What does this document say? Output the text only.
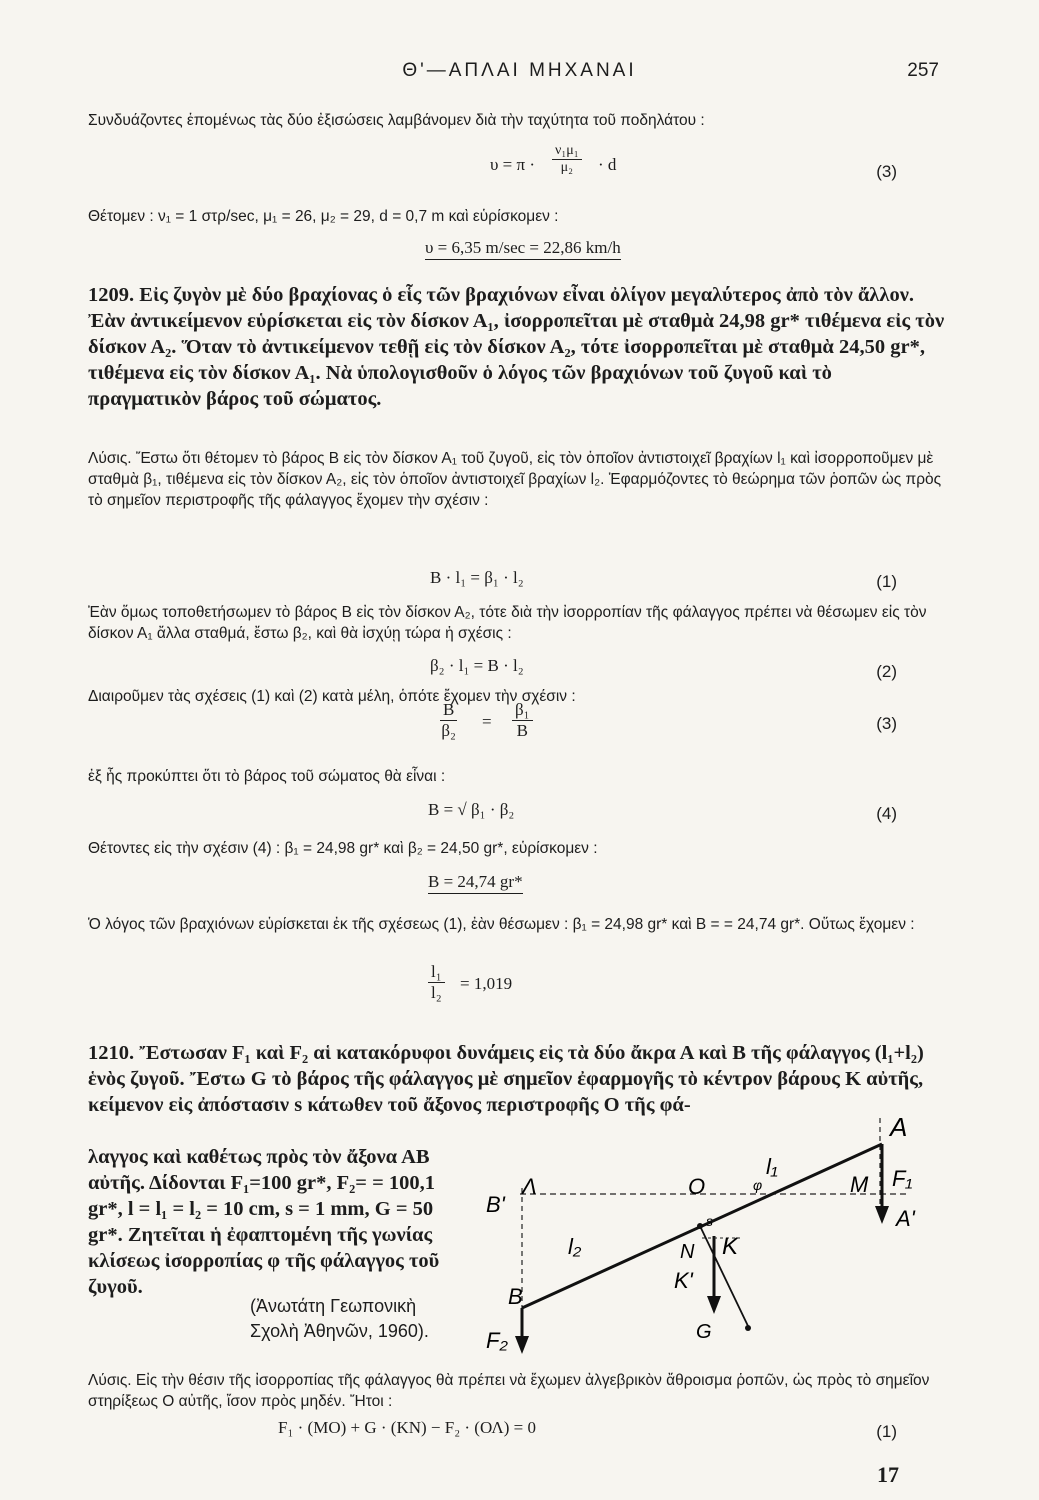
Θ'—ΑΠΛΑΙ ΜΗΧΑΝΑΙ	257
Συνδυάζοντες ἑπομένως τὰς δύο ἐξισώσεις λαμβάνομεν διὰ τὴν ταχύτητα τοῦ ποδηλάτου :
$\upsilon = \pi \cdot \frac{\text{ν₁μ₁}}{\text{μ₂}} \cdot d$	(3)
Θέτομεν : ν₁ = 1 στρ/sec, μ₁ = 26, μ₂ = 29, d = 0,7 m καὶ εὑρίσκομεν :
υ = 6,35 m/sec = 22,86 km/h
1209. Εἰς ζυγὸν μὲ δύο βραχίονας ὁ εἷς τῶν βραχιόνων εἶναι ὀλίγον μεγαλύτερος ἀπὸ τὸν ἄλλον. Ἐὰν ἀντικείμενον εὑρίσκεται εἰς τὸν δίσκον Α₁, ἰσορροπεῖται μὲ σταθμὰ 24,98 gr* τιθέμενα εἰς τὸν δίσκον Α₂. Ὅταν τὸ ἀντικείμενον τεθῇ εἰς τὸν δίσκον Α₂, τότε ἰσορροπεῖται μὲ σταθμὰ 24,50 gr*, τιθέμενα εἰς τὸν δίσκον Α₁. Νὰ ὑπολογισθοῦν ὁ λόγος τῶν βραχιόνων τοῦ ζυγοῦ καὶ τὸ πραγματικὸν βάρος τοῦ σώματος.
Λύσις. Ἔστω ὅτι θέτομεν τὸ βάρος Β εἰς τὸν δίσκον Α₁ τοῦ ζυγοῦ, εἰς τὸν ὁποῖον ἀντιστοιχεῖ βραχίων l₁ καὶ ἰσορροποῦμεν μὲ σταθμὰ β₁, τιθέμενα εἰς τὸν δίσκον Α₂, εἰς τὸν ὁποῖον ἀντιστοιχεῖ βραχίων l₂. Ἐφαρμόζοντες τὸ θεώρημα τῶν ῥοπῶν ὡς πρὸς τὸ σημεῖον περιστροφῆς τῆς φάλαγγος ἔχομεν τὴν σχέσιν :
Β · l₁ = β₁ · l₂	(1)
Ἐὰν ὅμως τοποθετήσωμεν τὸ βάρος Β εἰς τὸν δίσκον Α₂, τότε διὰ τὴν ἰσορροπίαν τῆς φάλαγγος πρέπει νὰ θέσωμεν εἰς τὸν δίσκον Α₁ ἄλλα σταθμά, ἔστω β₂, καὶ θὰ ἰσχύῃ τώρα ἡ σχέσις :
β₂ · l₁ = Β · l₂	(2)
Διαιροῦμεν τὰς σχέσεις (1) καὶ (2) κατὰ μέλη, ὁπότε ἔχομεν τὴν σχέσιν :
$\frac{B}{\text{β₂}} = \frac{\text{β₁}}{B}$	(3)
ἐξ ἧς προκύπτει ὅτι τὸ βάρος τοῦ σώματος θὰ εἶναι :
Β = √ β₁ · β₂	(4)
Θέτοντες εἰς τὴν σχέσιν (4) : β₁ = 24,98 gr* καὶ β₂ = 24,50 gr*, εὑρίσκομεν :
Β = 24,74 gr*
Ὁ λόγος τῶν βραχιόνων εὑρίσκεται ἐκ τῆς σχέσεως (1), ἐὰν θέσωμεν : β₁ = 24,98 gr* καὶ Β = = 24,74 gr*. Οὕτως ἔχομεν :
$\frac{\text{l₁}}{\text{l₂}} = 1,019$
1210. Ἔστωσαν F₁ καὶ F₂ αἱ κατακόρυφοι δυνάμεις εἰς τὰ δύο ἄκρα Α καὶ Β τῆς φάλαγγος (l₁+l₂) ἑνὸς ζυγοῦ. Ἔστω G τὸ βάρος τῆς φάλαγγος μὲ σημεῖον ἐφαρμογῆς τὸ κέντρον βάρους Κ αὐτῆς, κείμενον εἰς ἀπόστασιν s κάτωθεν τοῦ ἄξονος περιστροφῆς Ο τῆς φά-
λαγγος καὶ καθέτως πρὸς τὸν ἄξονα ΑΒ αὐτῆς. Δίδονται F₁=100 gr*, F₂= = 100,1 gr*, l = l₁ = l₂ = 10 cm, s = 1 mm, G = 50 gr*. Ζητεῖται ἡ ἐφαπτομένη τῆς γωνίας κλίσεως ἰσορροπίας φ τῆς φάλαγγος τοῦ ζυγοῦ.
(Ἀνωτάτη Γεωπονικὴ
Σχολὴ Ἀθηνῶν, 1960).
A
F₁
l₁
O	φ	M
B'
Λ
A'
s
K
l₂	N
K'
B
G
F₂
Λύσις. Εἰς τὴν θέσιν τῆς ἰσορροπίας τῆς φάλαγγος θὰ πρέπει νὰ ἔχωμεν ἀλγεβρικὸν ἄθροισμα ῥοπῶν, ὡς πρὸς τὸ σημεῖον στηρίξεως Ο αὐτῆς, ἴσον πρὸς μηδέν. Ἤτοι :
F₁ · (ΜΟ) + G · (ΚΝ) − F₂ · (ΟΛ) = 0	(1)
17
